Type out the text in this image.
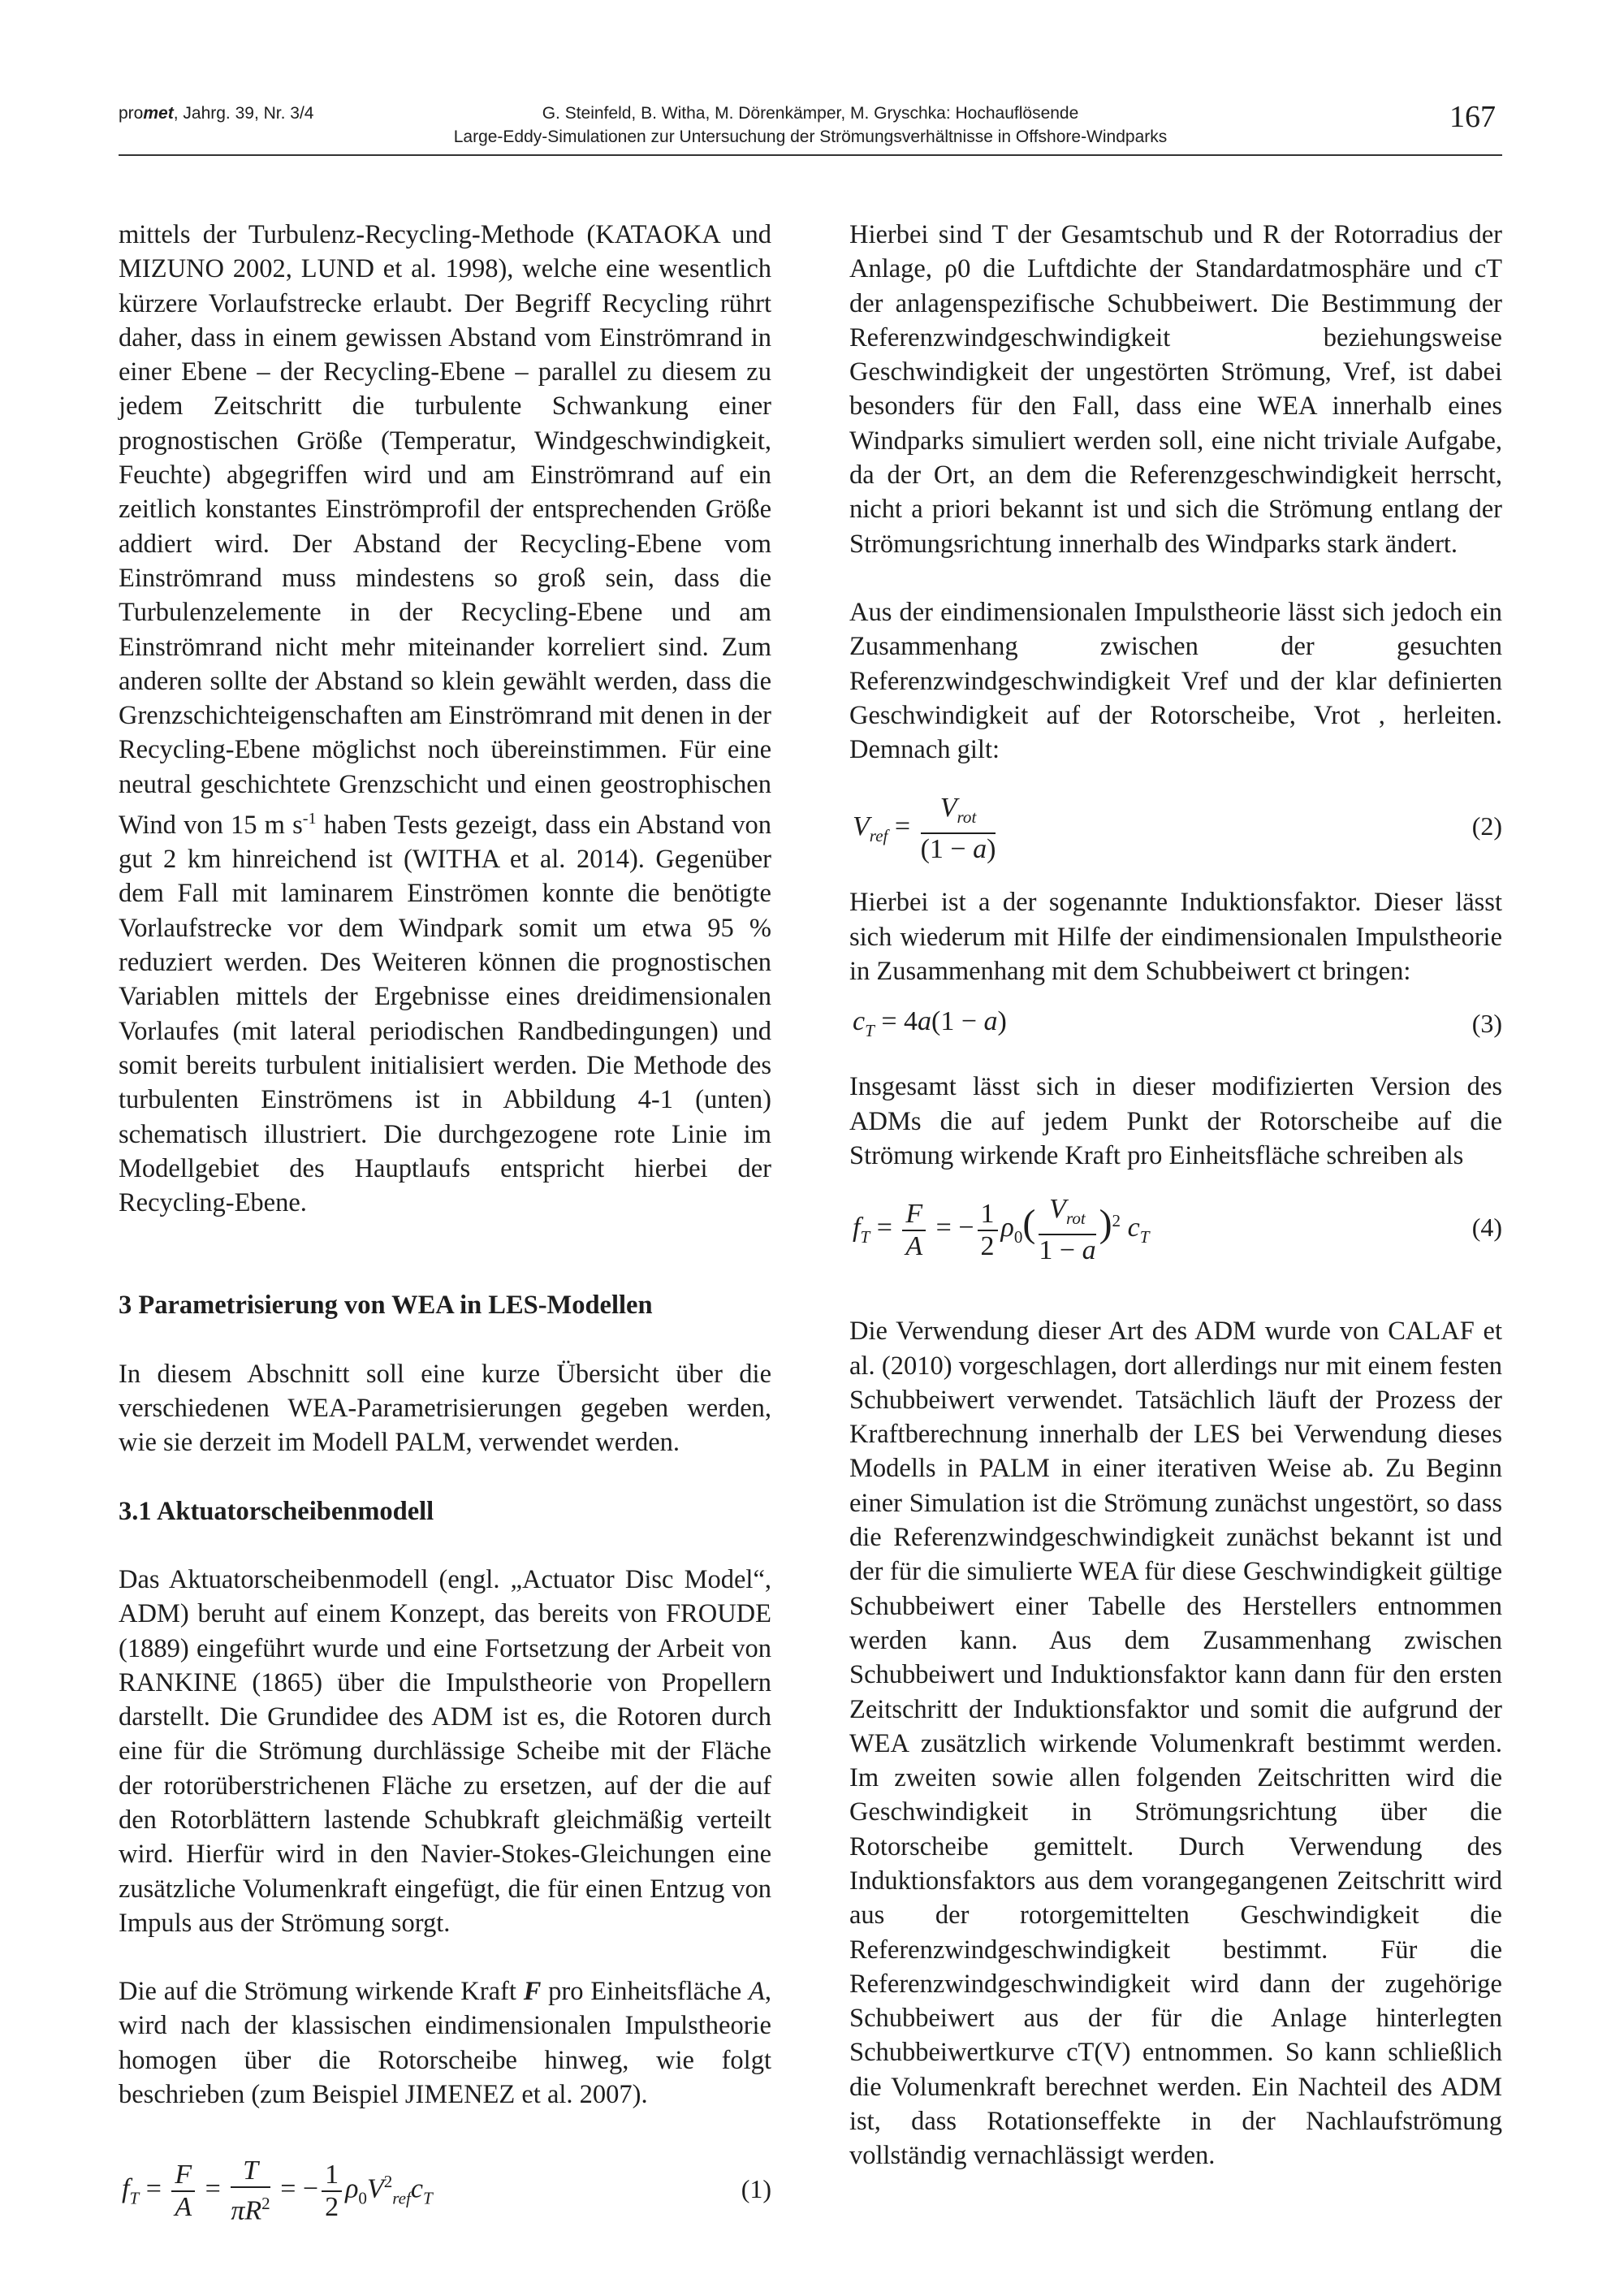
promet, Jahrg. 39, Nr. 3/4	G. Steinfeld, B. Witha, M. Dörenkämper, M. Gryschka: Hochauflösende
Large-Eddy-Simulationen zur Untersuchung der Strömungsverhältnisse in Offshore-Windparks
167

mittels der Turbulenz-Recycling-Methode (KATAOKA und MIZUNO 2002, LUND et al. 1998), welche eine wesentlich kürzere Vorlaufstrecke erlaubt. Der Begriff Recycling rührt daher, dass in einem gewissen Abstand vom Einströmrand in einer Ebene – der Recycling-Ebene – parallel zu diesem zu jedem Zeitschritt die turbulente Schwankung einer prognostischen Größe (Temperatur, Windgeschwindigkeit, Feuchte) abgegriffen wird und am Einströmrand auf ein zeitlich konstantes Einströmprofil der entsprechenden Größe addiert wird. Der Abstand der Recycling-Ebene vom Einströmrand muss mindestens so groß sein, dass die Turbulenzelemente in der Recycling-Ebene und am Einströmrand nicht mehr miteinander korreliert sind. Zum anderen sollte der Abstand so klein gewählt werden, dass die Grenzschichteigenschaften am Einströmrand mit denen in der Recycling-Ebene möglichst noch übereinstimmen. Für eine neutral geschichtete Grenzschicht und einen geostrophischen Wind von 15 m $s^{-1}$ haben Tests gezeigt, dass ein Abstand von gut 2 km hinreichend ist (WITHA et al. 2014). Gegenüber dem Fall mit laminarem Einströmen konnte die benötigte Vorlaufstrecke vor dem Windpark somit um etwa 95 % reduziert werden. Des Weiteren können die prognostischen Variablen mittels der Ergebnisse eines dreidimensionalen Vorlaufes (mit lateral periodischen Randbedingungen) und somit bereits turbulent initialisiert werden. Die Methode des turbulenten Einströmens ist in Abbildung 4-1 (unten) schematisch illustriert. Die durchgezogene rote Linie im Modellgebiet des Hauptlaufs entspricht hierbei der Recycling-Ebene.

3 Parametrisierung von WEA in LES-Modellen

In diesem Abschnitt soll eine kurze Übersicht über die verschiedenen WEA-Parametrisierungen gegeben werden, wie sie derzeit im Modell PALM, verwendet werden.

3.1 Aktuatorscheibenmodell

Das Aktuatorscheibenmodell (engl. „Actuator Disc Model“, ADM) beruht auf einem Konzept, das bereits von FROUDE (1889) eingeführt wurde und eine Fortsetzung der Arbeit von RANKINE (1865) über die Impulstheorie von Propellern darstellt. Die Grundidee des ADM ist es, die Rotoren durch eine für die Strömung durchlässige Scheibe mit der Fläche der rotorüberstrichenen Fläche zu ersetzen, auf der die auf den Rotorblättern lastende Schubkraft gleichmäßig verteilt wird. Hierfür wird in den Navier-Stokes-Gleichungen eine zusätzliche Volumenkraft eingefügt, die für einen Entzug von Impuls aus der Strömung sorgt.

Die auf die Strömung wirkende Kraft F pro Einheitsfläche A, wird nach der klassischen eindimensionalen Impulstheorie homogen über die Rotorscheibe hinweg, wie folgt beschrieben (zum Beispiel JIMENEZ et al. 2007).

$f_T = \frac{F}{A} = \frac{T}{\pi R^2}$ = − $\frac{1}{2} \rho_0V^2_{ref}c_T$	(1)

Hierbei sind T der Gesamtschub und R der Rotorradius der Anlage, ρ0 die Luftdichte der Standardatmosphäre und cT der anlagenspezifische Schubbeiwert. Die Bestimmung der Referenzwindgeschwindigkeit beziehungsweise Geschwindigkeit der ungestörten Strömung, Vref, ist dabei besonders für den Fall, dass eine WEA innerhalb eines Windparks simuliert werden soll, eine nicht triviale Aufgabe, da der Ort, an dem die Referenzgeschwindigkeit herrscht, nicht a priori bekannt ist und sich die Strömung entlang der Strömungsrichtung innerhalb des Windparks stark ändert.

Aus der eindimensionalen Impulstheorie lässt sich jedoch ein Zusammenhang zwischen der gesuchten Referenzwindgeschwindigkeit Vref und der klar definierten Geschwindigkeit auf der Rotorscheibe, Vrot , herleiten. Demnach gilt:

$V_{ref} = \frac{V_{rot}}{(1 - a)}$	(2)

Hierbei ist a der sogenannte Induktionsfaktor. Dieser lässt sich wiederum mit Hilfe der eindimensionalen Impulstheorie in Zusammenhang mit dem Schubbeiwert ct bringen:

$c_T = 4a(1 - a)$	(3)

Insgesamt lässt sich in dieser modifizierten Version des ADMs die auf jedem Punkt der Rotorscheibe auf die Strömung wirkende Kraft pro Einheitsfläche schreiben als

$f_T = \frac{F}{A}$ = − $\frac{1}{2} \rho_0( \frac{V_{rot}}{1 - a} )^2$ $c_T$	(4)

Die Verwendung dieser Art des ADM wurde von CALAF et al. (2010) vorgeschlagen, dort allerdings nur mit einem festen Schubbeiwert verwendet. Tatsächlich läuft der Prozess der Kraftberechnung innerhalb der LES bei Verwendung dieses Modells in PALM in einer iterativen Weise ab. Zu Beginn einer Simulation ist die Strömung zunächst ungestört, so dass die Referenzwindgeschwindigkeit zunächst bekannt ist und der für die simulierte WEA für diese Geschwindigkeit gültige Schubbeiwert einer Tabelle des Herstellers entnommen werden kann. Aus dem Zusammenhang zwischen Schubbeiwert und Induktionsfaktor kann dann für den ersten Zeitschritt der Induktionsfaktor und somit die aufgrund der WEA zusätzlich wirkende Volumenkraft bestimmt werden. Im zweiten sowie allen folgenden Zeitschritten wird die Geschwindigkeit in Strömungsrichtung über die Rotorscheibe gemittelt. Durch Verwendung des Induktionsfaktors aus dem vorangegangenen Zeitschritt wird aus der rotorgemittelten Geschwindigkeit die Referenzwindgeschwindigkeit bestimmt. Für die Referenzwindgeschwindigkeit wird dann der zugehörige Schubbeiwert aus der für die Anlage hinterlegten Schubbeiwertkurve cT(V) entnommen. So kann schließlich die Volumenkraft berechnet werden. Ein Nachteil des ADM ist, dass Rotationseffekte in der Nachlaufströmung vollständig vernachlässigt werden.
